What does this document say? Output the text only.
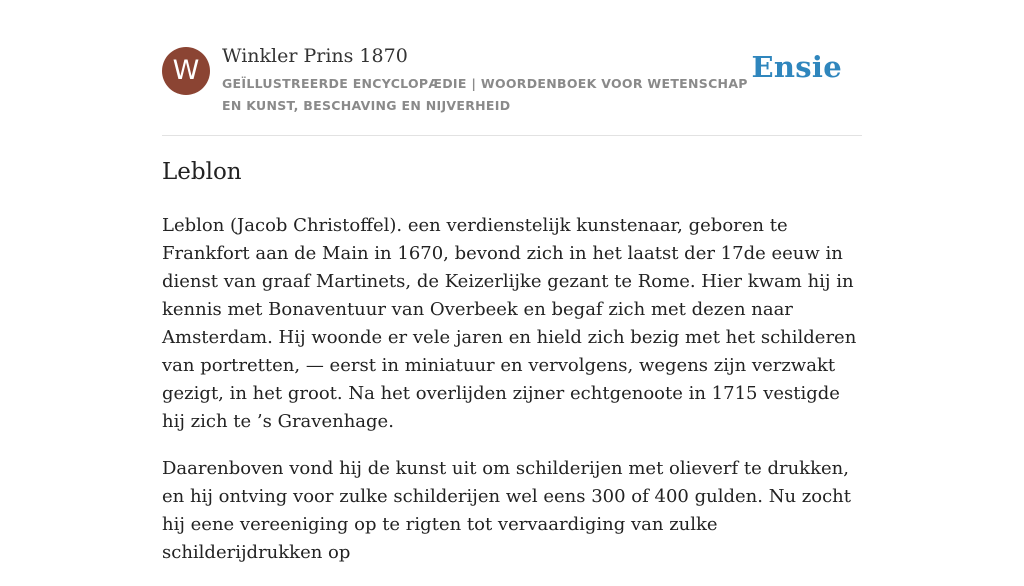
W	Winkler Prins 1870
GEÏLLUSTREERDE ENCYCLOPÆDIE | WOORDENBOEK VOOR WETENSCHAP EN KUNST, BESCHAVING EN NIJVERHEID
Ensie
Leblon

Leblon (Jacob Christoffel). een verdienstelijk kunstenaar, geboren te Frankfort aan de Main in 1670, bevond zich in het laatst der 17de eeuw in dienst van graaf Martinets, de Keizerlijke gezant te Rome. Hier kwam hij in kennis met Bonaventuur van Overbeek en begaf zich met dezen naar Amsterdam. Hij woonde er vele jaren en hield zich bezig met het schilderen van portretten, — eerst in miniatuur en vervolgens, wegens zijn verzwakt gezigt, in het groot. Na het overlijden zijner echtgenoote in 1715 vestigde hij zich te ’s Gravenhage.

Daarenboven vond hij de kunst uit om schilderijen met olieverf te drukken, en hij ontving voor zulke schilderijen wel eens 300 of 400 gulden. Nu zocht hij eene vereeniging op te rigten tot vervaardiging van zulke schilderijdrukken op
